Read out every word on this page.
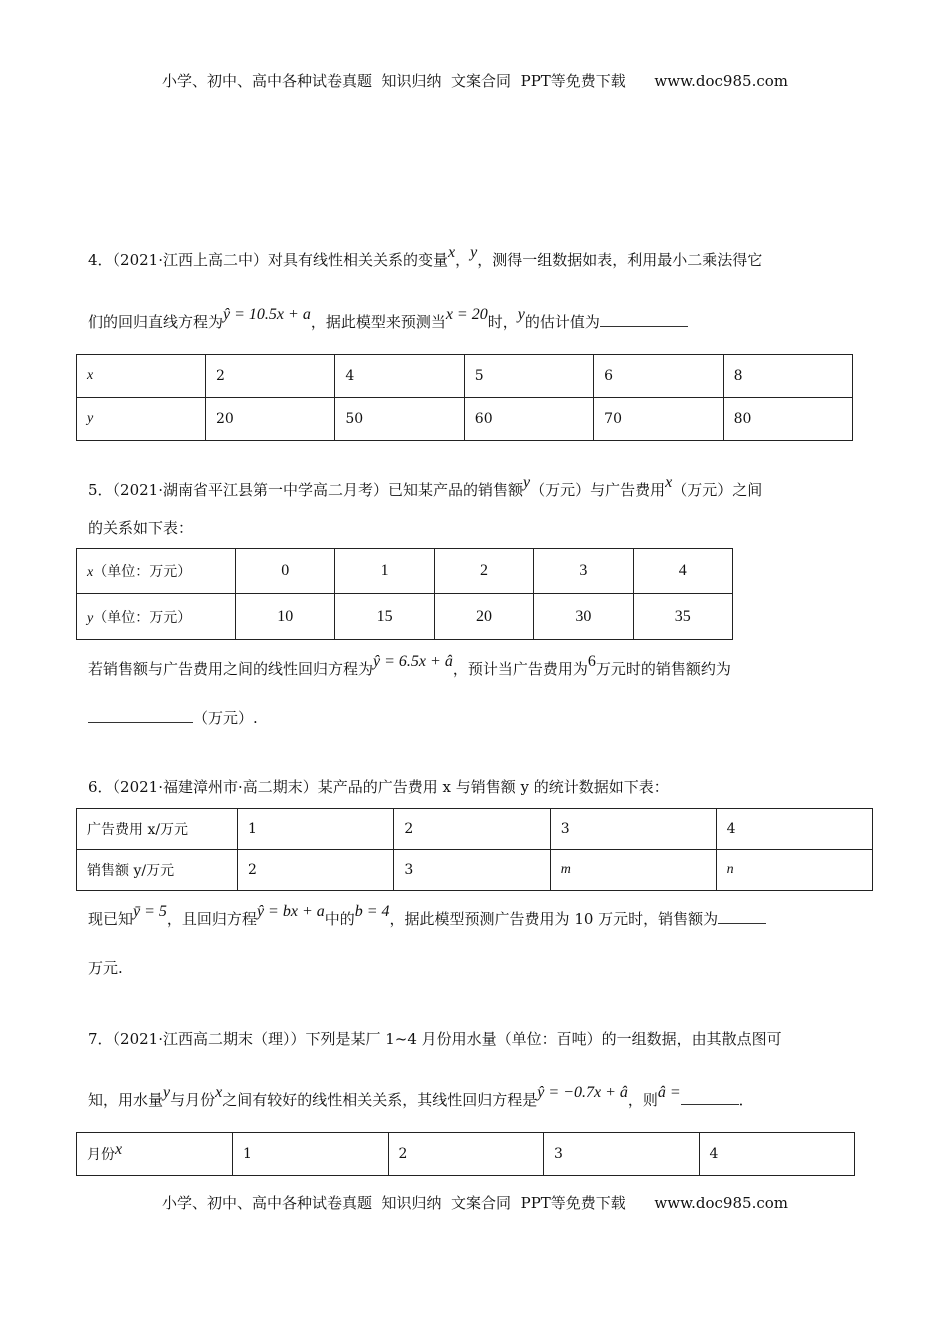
小学、初中、高中各种试卷真题  知识归纳  文案合同  PPT等免费下载      www.doc985.com
4．（2021·江西上高二中）对具有线性相关关系的变量x，y，测得一组数据如表，利用最小二乘法得它
们的回归直线方程为ŷ = 10.5x + a，据此模型来预测当x = 20时，y的估计值为
x	2	4	5	6	8
y	20	50	60	70	80
5．（2021·湖南省平江县第一中学高二月考）已知某产品的销售额y（万元）与广告费用x（万元）之间
的关系如下表：
x（单位：万元）	0	1	2	3	4
y（单位：万元）	10	15	20	30	35
若销售额与广告费用之间的线性回归方程为ŷ = 6.5x + â，预计当广告费用为6万元时的销售额约为
（万元）.
6．（2021·福建漳州市·高二期末）某产品的广告费用 x 与销售额 y 的统计数据如下表：
广告费用 x/万元	1	2	3	4
销售额 y/万元	2	3	m	n
现已知ȳ = 5，且回归方程ŷ = bx + a中的b = 4，据此模型预测广告费用为 10 万元时，销售额为
万元.
7．（2021·江西高二期末（理））下列是某厂 1~4 月份用水量（单位：百吨）的一组数据，由其散点图可
知，用水量y与月份x之间有较好的线性相关关系，其线性回归方程是ŷ = −0.7x + â，则â =	．
月份x	1	2	3	4
小学、初中、高中各种试卷真题  知识归纳  文案合同  PPT等免费下载      www.doc985.com
